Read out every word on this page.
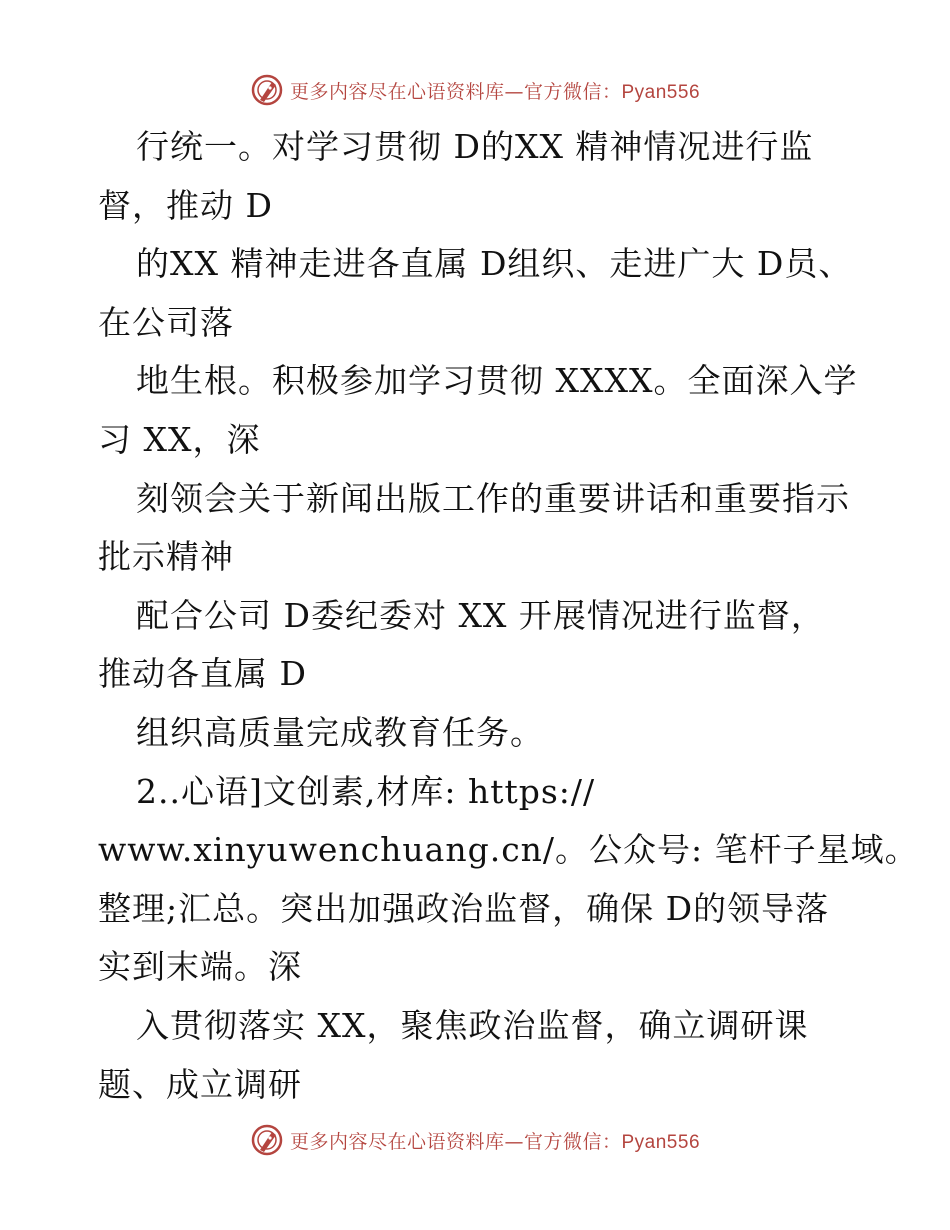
更多内容尽在心语资料库—官方微信：Pyan556
行统一。对学习贯彻 D的XX 精神情况进行监
督，推动 D
的XX 精神走进各直属 D组织、走进广大 D员、
在公司落
地生根。积极参加学习贯彻 XXXX。全面深入学
习 XX，深
刻领会关于新闻出版工作的重要讲话和重要指示
批示精神
配合公司 D委纪委对 XX 开展情况进行监督，
推动各直属 D
组织高质量完成教育任务。
2..心语]文创素,材库: https://
www.xinyuwenchuang.cn/。公众号: 笔杆子星域。
整理;汇总。突出加强政治监督，确保 D的领导落
实到末端。深
入贯彻落实 XX，聚焦政治监督，确立调研课
题、成立调研
更多内容尽在心语资料库—官方微信：Pyan556
